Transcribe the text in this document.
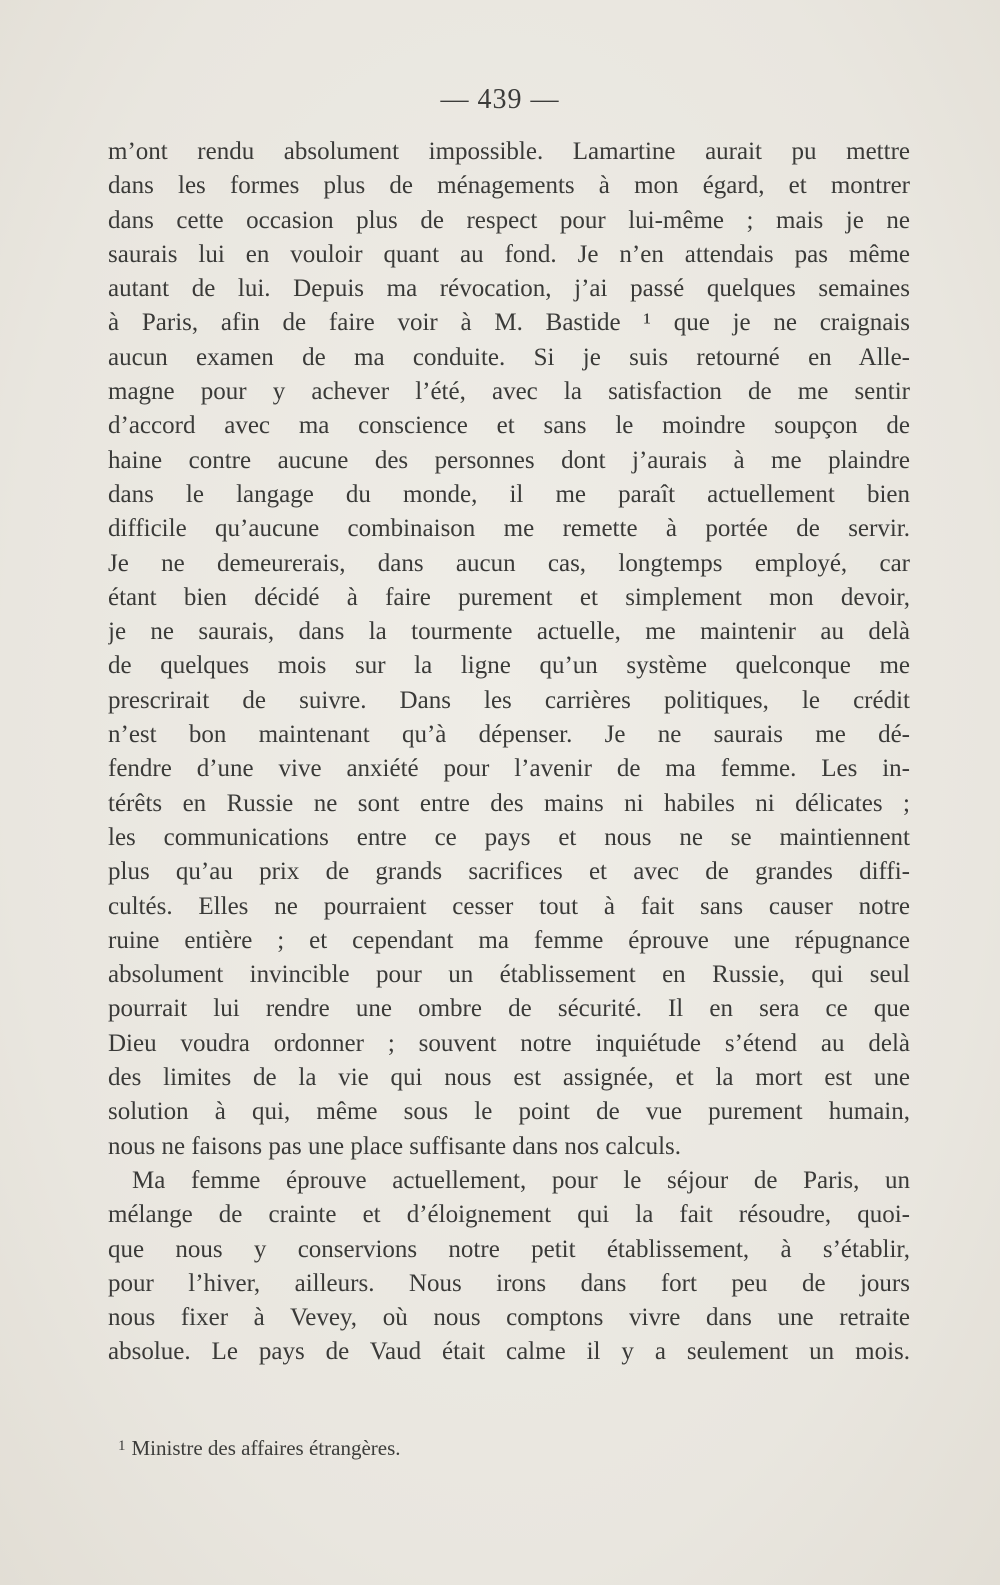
— 439 —
m’ont rendu absolument impossible. Lamartine aurait pu mettre
dans les formes plus de ménagements à mon égard, et montrer
dans cette occasion plus de respect pour lui-même ; mais je ne
saurais lui en vouloir quant au fond. Je n’en attendais pas même
autant de lui. Depuis ma révocation, j’ai passé quelques semaines
à Paris, afin de faire voir à M. Bastide ¹ que je ne craignais
aucun examen de ma conduite. Si je suis retourné en Alle-
magne pour y achever l’été, avec la satisfaction de me sentir
d’accord avec ma conscience et sans le moindre soupçon de
haine contre aucune des personnes dont j’aurais à me plaindre
dans le langage du monde, il me paraît actuellement bien
difficile qu’aucune combinaison me remette à portée de servir.
Je ne demeurerais, dans aucun cas, longtemps employé, car
étant bien décidé à faire purement et simplement mon devoir,
je ne saurais, dans la tourmente actuelle, me maintenir au delà
de quelques mois sur la ligne qu’un système quelconque me
prescrirait de suivre. Dans les carrières politiques, le crédit
n’est bon maintenant qu’à dépenser. Je ne saurais me dé-
fendre d’une vive anxiété pour l’avenir de ma femme. Les in-
térêts en Russie ne sont entre des mains ni habiles ni délicates ;
les communications entre ce pays et nous ne se maintiennent
plus qu’au prix de grands sacrifices et avec de grandes diffi-
cultés. Elles ne pourraient cesser tout à fait sans causer notre
ruine entière ; et cependant ma femme éprouve une répugnance
absolument invincible pour un établissement en Russie, qui seul
pourrait lui rendre une ombre de sécurité. Il en sera ce que
Dieu voudra ordonner ; souvent notre inquiétude s’étend au delà
des limites de la vie qui nous est assignée, et la mort est une
solution à qui, même sous le point de vue purement humain,
nous ne faisons pas une place suffisante dans nos calculs.
Ma femme éprouve actuellement, pour le séjour de Paris, un
mélange de crainte et d’éloignement qui la fait résoudre, quoi-
que nous y conservions notre petit établissement, à s’établir,
pour l’hiver, ailleurs. Nous irons dans fort peu de jours
nous fixer à Vevey, où nous comptons vivre dans une retraite
absolue. Le pays de Vaud était calme il y a seulement un mois.
$^1$ Ministre des affaires étrangères.
